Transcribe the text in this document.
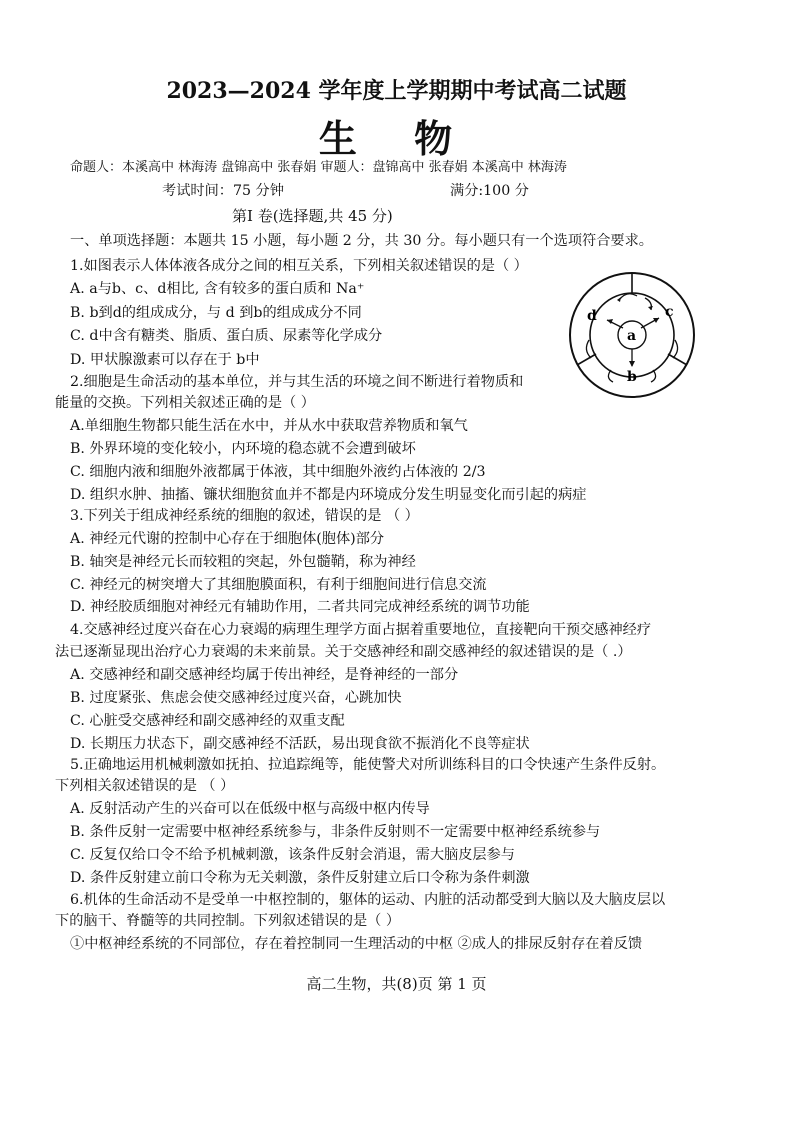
2023—2024 学年度上学期期中考试高二试题
生 物
命题人：本溪高中 林海涛 盘锦高中 张春娟 审题人：盘锦高中 张春娟 本溪高中 林海涛
考试时间：75 分钟	满分:100 分
第Ⅰ 卷(选择题,共 45 分)
一、单项选择题：本题共 15 小题，每小题 2 分，共 30 分。每小题只有一个选项符合要求。
1.如图表示人体体液各成分之间的相互关系，下列相关叙述错误的是（ ）
A. a与b、c、d相比, 含有较多的蛋白质和 Na⁺
B. b到d的组成成分，与 d 到b的组成成分不同
C. d中含有糖类、脂质、蛋白质、尿素等化学成分
D. 甲状腺激素可以存在于 b中
a
b
c
d
2.细胞是生命活动的基本单位，并与其生活的环境之间不断进行着物质和
能量的交换。下列相关叙述正确的是（ ）
A.单细胞生物都只能生活在水中，并从水中获取营养物质和氧气
B. 外界环境的变化较小，内环境的稳态就不会遭到破坏
C. 细胞内液和细胞外液都属于体液，其中细胞外液约占体液的 2/3
D. 组织水肿、抽搐、镰状细胞贫血并不都是内环境成分发生明显变化而引起的病症
3.下列关于组成神经系统的细胞的叙述，错误的是 （ ）
A. 神经元代谢的控制中心存在于细胞体(胞体)部分
B. 轴突是神经元长而较粗的突起，外包髓鞘，称为神经
C. 神经元的树突增大了其细胞膜面积，有利于细胞间进行信息交流
D. 神经胶质细胞对神经元有辅助作用，二者共同完成神经系统的调节功能
4.交感神经过度兴奋在心力衰竭的病理生理学方面占据着重要地位，直接靶向干预交感神经疗
法已逐渐显现出治疗心力衰竭的未来前景。关于交感神经和副交感神经的叙述错误的是（ .）
A. 交感神经和副交感神经均属于传出神经，是脊神经的一部分
B. 过度紧张、焦虑会使交感神经过度兴奋，心跳加快
C. 心脏受交感神经和副交感神经的双重支配
D. 长期压力状态下，副交感神经不活跃，易出现食欲不振消化不良等症状
5.正确地运用机械刺激如抚拍、拉追踪绳等，能使警犬对所训练科目的口令快速产生条件反射。
下列相关叙述错误的是 （ ）
A. 反射活动产生的兴奋可以在低级中枢与高级中枢内传导
B. 条件反射一定需要中枢神经系统参与，非条件反射则不一定需要中枢神经系统参与
C. 反复仅给口令不给予机械刺激，该条件反射会消退，需大脑皮层参与
D. 条件反射建立前口令称为无关刺激，条件反射建立后口令称为条件刺激
6.机体的生命活动不是受单一中枢控制的，躯体的运动、内脏的活动都受到大脑以及大脑皮层以
下的脑干、脊髓等的共同控制。下列叙述错误的是（ ）
①中枢神经系统的不同部位，存在着控制同一生理活动的中枢 ②成人的排尿反射存在着反馈
高二生物，共(8)页 第 1 页
